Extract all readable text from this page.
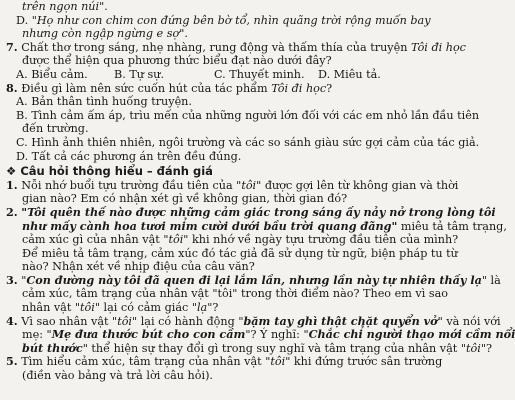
trên ngọn núi".
D. "Họ như con chim con đứng bên bờ tổ, nhìn quãng trời rộng muốn bay
nhưng còn ngập ngừng e sợ".
7. Chất thơ trong sáng, nhẹ nhàng, rung động và thấm thía của truyện Tôi đi học
được thể hiện qua phương thức biểu đạt nào dưới đây?
A. Biểu cảm.	B. Tự sự.	C. Thuyết minh.	D. Miêu tả.
8. Điều gì làm nên sức cuốn hút của tác phẩm Tôi đi học?
A. Bản thân tình huống truyện.
B. Tình cảm ấm áp, trìu mến của những người lớn đối với các em nhỏ lần đầu tiên
đến trường.
C. Hình ảnh thiên nhiên, ngôi trường và các so sánh giàu sức gợi cảm của tác giả.
D. Tất cả các phương án trên đều đúng.
❖ Câu hỏi thông hiểu – đánh giá
1. Nỗi nhớ buổi tựu trường đầu tiên của "tôi" được gợi lên từ không gian và thời
gian nào? Em có nhận xét gì về không gian, thời gian đó?
2. "Tôi quên thế nào được những cảm giác trong sáng ấy nảy nở trong lòng tôi
như mấy cành hoa tươi mỉm cười dưới bầu trời quang đãng" miêu tả tâm trạng,
cảm xúc gì của nhân vật "tôi" khi nhớ về ngày tựu trường đầu tiên của mình?
Để miêu tả tâm trạng, cảm xúc đó tác giả đã sử dụng từ ngữ, biện pháp tu từ
nào? Nhận xét về nhịp điệu của câu văn?
3. "Con đường này tôi đã quen đi lại lắm lần, nhưng lần này tự nhiên thấy lạ" là
cảm xúc, tâm trạng của nhân vật "tôi" trong thời điểm nào? Theo em vì sao
nhân vật "tôi" lại có cảm giác "lạ"?
4. Vì sao nhân vật "tôi" lại có hành động "bặm tay ghì thật chặt quyển vở" và nói với
mẹ: "Mẹ đưa thước bút cho con cầm"? Ý nghĩ: "Chắc chỉ người thạo mới cầm nổi
bút thước" thể hiện sự thay đổi gì trong suy nghĩ và tâm trạng của nhân vật "tôi"?
5. Tìm hiểu cảm xúc, tâm trạng của nhân vật "tôi" khi đứng trước sân trường
(điền vào bảng và trả lời câu hỏi).
